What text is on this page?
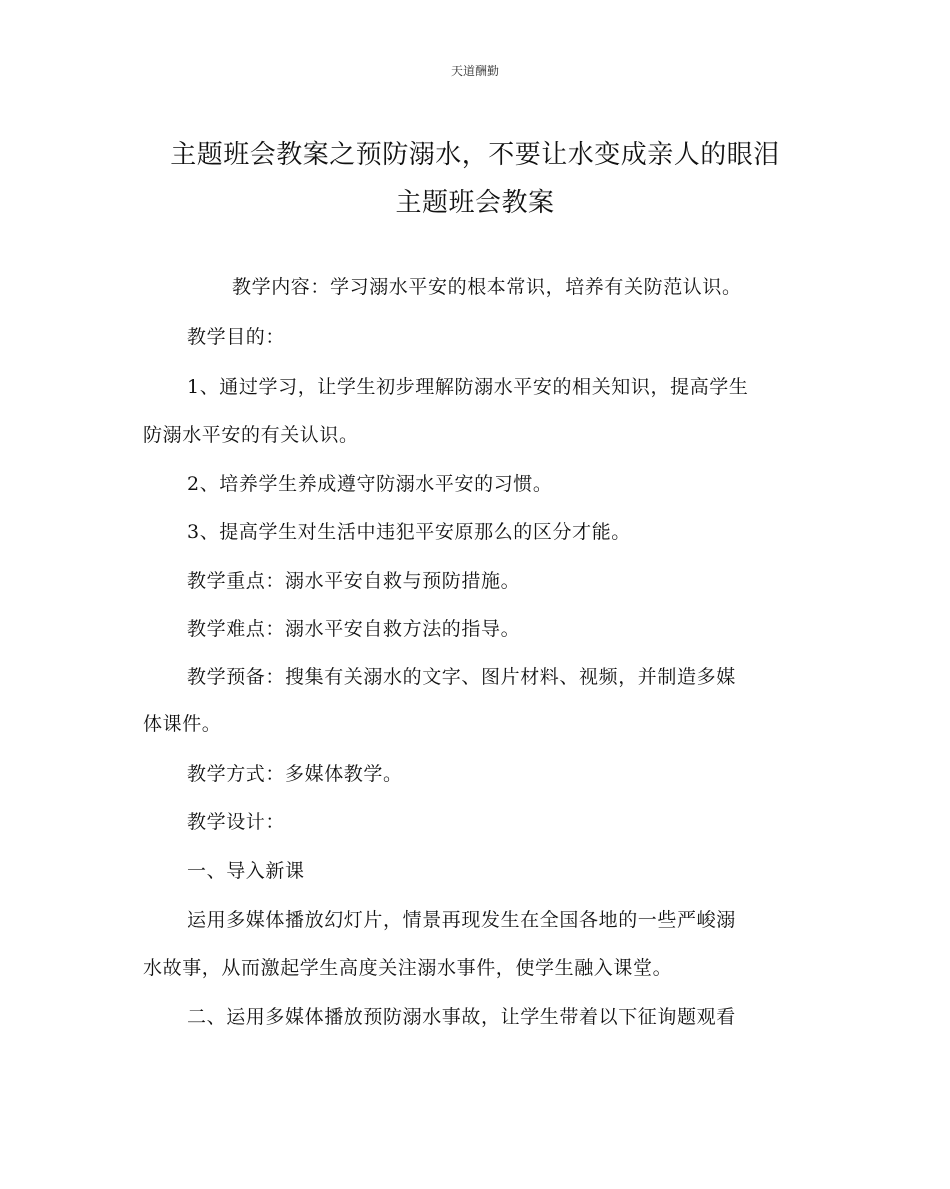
天道酬勤
主题班会教案之预防溺水，不要让水变成亲人的眼泪
主题班会教案
教学内容：学习溺水平安的根本常识，培养有关防范认识。
教学目的：
1、通过学习，让学生初步理解防溺水平安的相关知识，提高学生
防溺水平安的有关认识。
2、培养学生养成遵守防溺水平安的习惯。
3、提高学生对生活中违犯平安原那么的区分才能。
教学重点：溺水平安自救与预防措施。
教学难点：溺水平安自救方法的指导。
教学预备：搜集有关溺水的文字、图片材料、视频，并制造多媒
体课件。
教学方式：多媒体教学。
教学设计：
一、导入新课
运用多媒体播放幻灯片，情景再现发生在全国各地的一些严峻溺
水故事，从而激起学生高度关注溺水事件，使学生融入课堂。
二、运用多媒体播放预防溺水事故，让学生带着以下征询题观看
